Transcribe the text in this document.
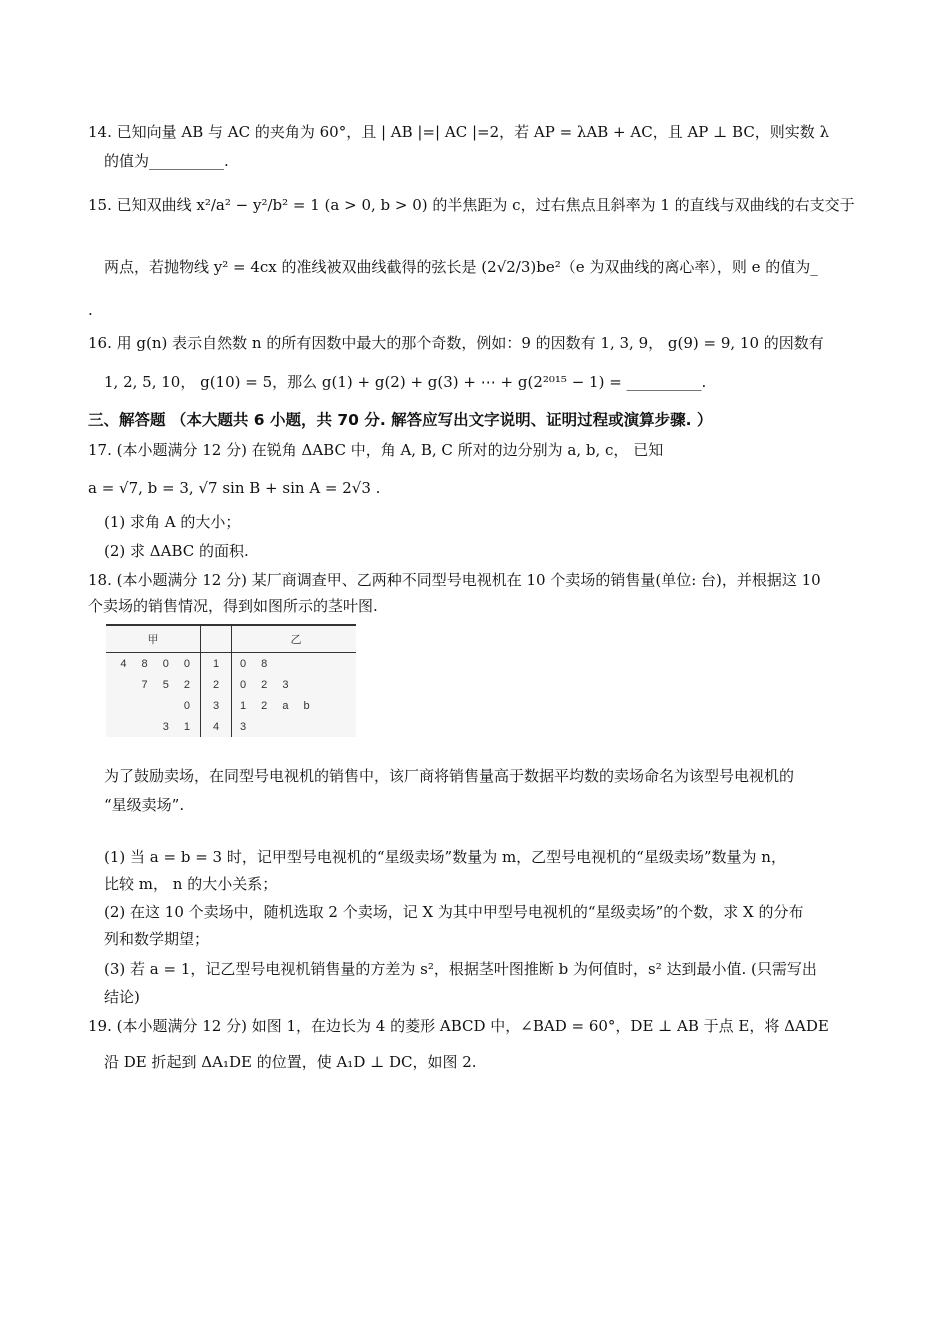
14. 已知向量 AB 与 AC 的夹角为 60°，且 | AB |=| AC |=2，若 AP = λAB + AC，且 AP ⊥ BC，则实数 λ
的值为__________.
15. 已知双曲线 x²/a² − y²/b² = 1 (a > 0, b > 0) 的半焦距为 c，过右焦点且斜率为 1 的直线与双曲线的右支交于
两点，若抛物线 y² = 4cx 的准线被双曲线截得的弦长是 (2√2/3)be²（e 为双曲线的离心率），则 e 的值为_
.
16. 用 g(n) 表示自然数 n 的所有因数中最大的那个奇数，例如：9 的因数有 1, 3, 9， g(9) = 9, 10 的因数有
1, 2, 5, 10， g(10) = 5，那么 g(1) + g(2) + g(3) + ⋯ + g(2²⁰¹⁵ − 1) = __________.
三、解答题 （本大题共 6 小题，共 70 分. 解答应写出文字说明、证明过程或演算步骤. ）
17. (本小题满分 12 分) 在锐角 ΔABC 中，角 A, B, C 所对的边分别为 a, b, c， 已知
a = √7, b = 3, √7 sin B + sin A = 2√3 .
(1) 求角 A 的大小；
(2) 求 ΔABC 的面积.
18. (本小题满分 12 分) 某厂商调查甲、乙两种不同型号电视机在 10 个卖场的销售量(单位: 台)，并根据这 10
个卖场的销售情况，得到如图所示的茎叶图.
甲		乙
4 8 0 0	1	0 8
7 5 2	2	0 2 3
0	3	1 2 a b
3 1	4	3
为了鼓励卖场，在同型号电视机的销售中，该厂商将销售量高于数据平均数的卖场命名为该型号电视机的
“星级卖场”.
(1) 当 a = b = 3 时，记甲型号电视机的“星级卖场”数量为 m，乙型号电视机的“星级卖场”数量为 n，
比较 m， n 的大小关系；
(2) 在这 10 个卖场中，随机选取 2 个卖场，记 X 为其中甲型号电视机的“星级卖场”的个数，求 X 的分布
列和数学期望；
(3) 若 a = 1，记乙型号电视机销售量的方差为 s²，根据茎叶图推断 b 为何值时，s² 达到最小值. (只需写出
结论)
19. (本小题满分 12 分) 如图 1，在边长为 4 的菱形 ABCD 中，∠BAD = 60°，DE ⊥ AB 于点 E，将 ΔADE
沿 DE 折起到 ΔA₁DE 的位置，使 A₁D ⊥ DC，如图 2.
